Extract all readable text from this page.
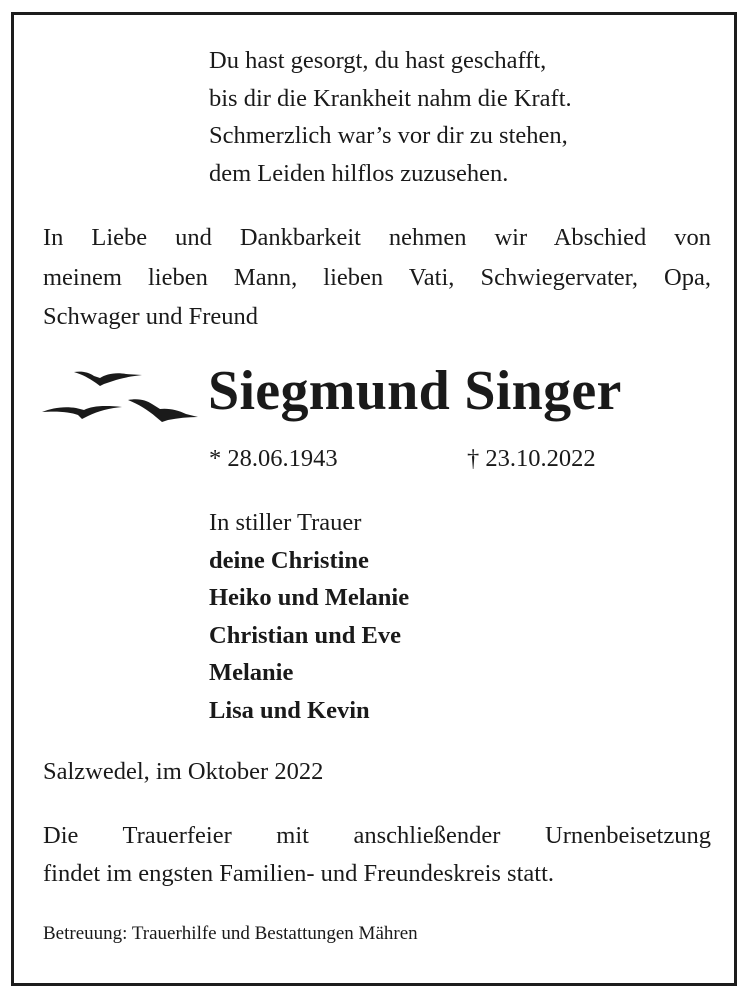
Du hast gesorgt, du hast geschafft,
bis dir die Krankheit nahm die Kraft.
Schmerzlich war’s vor dir zu stehen,
dem Leiden hilflos zuzusehen.
In Liebe und Dankbarkeit nehmen wir Abschied von
meinem lieben Mann, lieben Vati, Schwiegervater, Opa,
Schwager und Freund
Siegmund Singer
* 28.06.1943	† 23.10.2022
In stiller Trauer
deine Christine
Heiko und Melanie
Christian und Eve
Melanie
Lisa und Kevin
Salzwedel, im Oktober 2022
Die Trauerfeier mit anschließender Urnenbeisetzung
findet im engsten Familien- und Freundeskreis statt.
Betreuung: Trauerhilfe und Bestattungen Mähren
